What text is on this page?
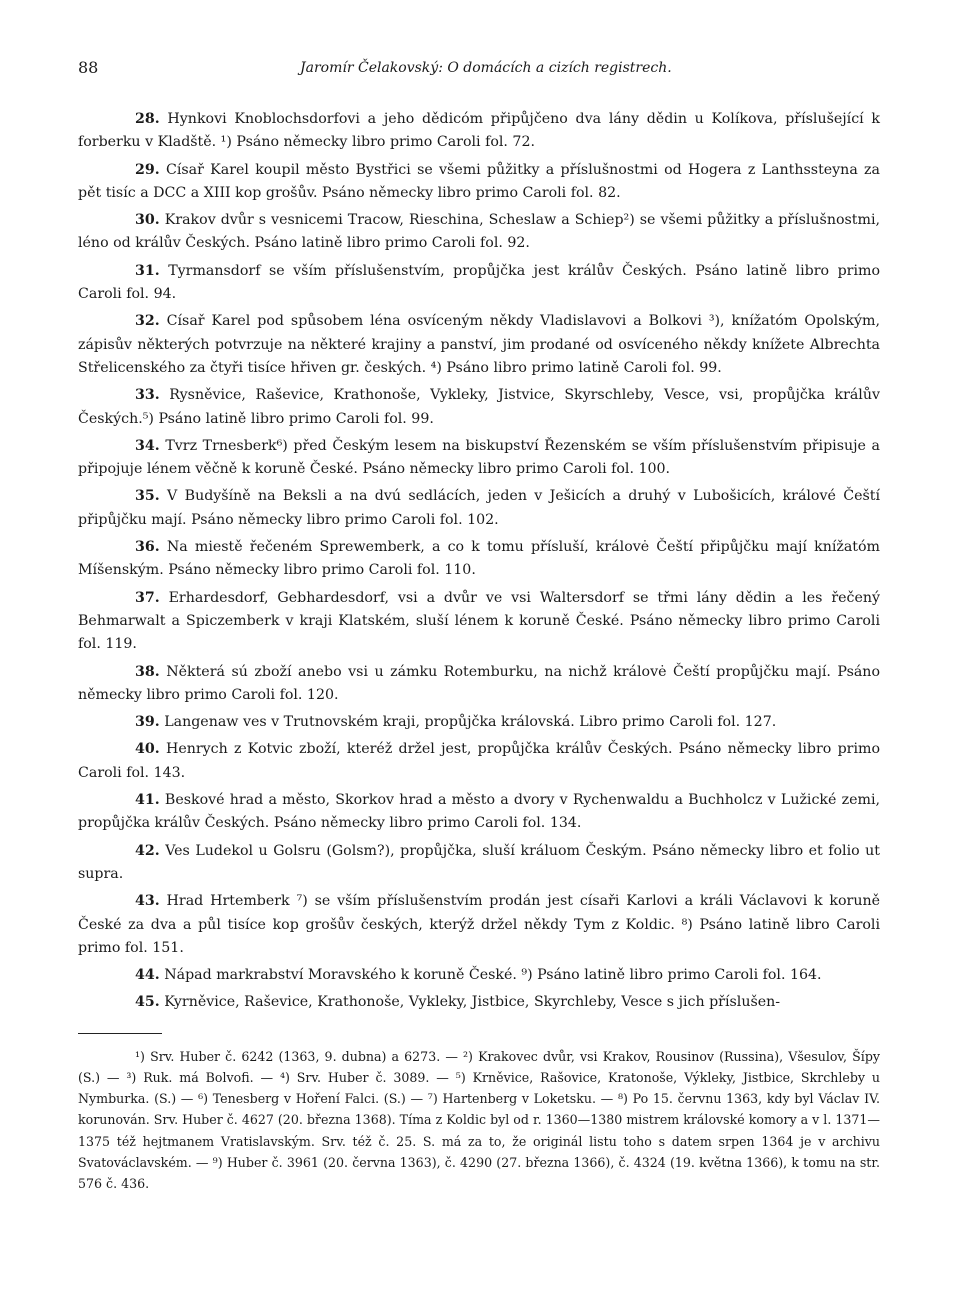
88	Jaromír Čelakovský: O domácích a cizích registrech.

28. Hynkovi Knoblochsdorfovi a jeho dědicóm připůjčeno dva lány dědin u Kolíkova, příslušející k forberku v Kladště. ¹) Psáno německy libro primo Caroli fol. 72.

29. Císař Karel koupil město Bystřici se všemi půžitky a příslušnostmi od Hogera z Lanthssteyna za pět tisíc a DCC a XIII kop grošův. Psáno německy libro primo Caroli fol. 82.

30. Krakov dvůr s vesnicemi Tracow, Rieschina, Scheslaw a Schiep²) se všemi půžitky a příslušnostmi, léno od králův Českých. Psáno latině libro primo Caroli fol. 92.

31. Tyrmansdorf se vším příslušenstvím, propůjčka jest králův Českých. Psáno latině libro primo Caroli fol. 94.

32. Císař Karel pod spůsobem léna osvíceným někdy Vladislavovi a Bolkovi ³), knížatóm Opolským, zápisův některých potvrzuje na některé krajiny a panství, jim prodané od osvíceného někdy knížete Albrechta Střelicenského za čtyři tisíce hřiven gr. českých. ⁴) Psáno libro primo latině Caroli fol. 99.

33. Rysněvice, Raševice, Krathonoše, Vykleky, Jistvice, Skyrschleby, Vesce, vsi, propůjčka králův Českých.⁵) Psáno latině libro primo Caroli fol. 99.

34. Tvrz Trnesberk⁶) před Českým lesem na biskupství Řezenském se vším příslušenstvím připisuje a připojuje lénem věčně k koruně České. Psáno německy libro primo Caroli fol. 100.

35. V Budyšíně na Beksli a na dvú sedlácích, jeden v Ješicích a druhý v Lubošicích, králové Čeští připůjčku mají. Psáno německy libro primo Caroli fol. 102.

36. Na miestě řečeném Sprewemberk, a co k tomu přísluší, královė Čeští připůjčku mají knížatóm Míšenským. Psáno německy libro primo Caroli fol. 110.

37. Erhardesdorf, Gebhardesdorf, vsi a dvůr ve vsi Waltersdorf se třmi lány dědin a les řečený Behmarwalt a Spiczemberk v kraji Klatském, sluší lénem k koruně České. Psáno německy libro primo Caroli fol. 119.

38. Některá sú zboží anebo vsi u zámku Rotemburku, na nichž královė Čeští propůjčku mají. Psáno německy libro primo Caroli fol. 120.

39. Langenaw ves v Trutnovském kraji, propůjčka královská. Libro primo Caroli fol. 127.

40. Henrych z Kotvic zboží, kteréž držel jest, propůjčka králův Českých. Psáno německy libro primo Caroli fol. 143.

41. Beskové hrad a město, Skorkov hrad a město a dvory v Rychenwaldu a Buchholcz v Lužické zemi, propůjčka králův Českých. Psáno německy libro primo Caroli fol. 134.

42. Ves Ludekol u Golsru (Golsm?), propůjčka, sluší králuom Českým. Psáno německy libro et folio ut supra.

43. Hrad Hrtemberk ⁷) se vším příslušenstvím prodán jest císaři Karlovi a králi Václavovi k koruně České za dva a půl tisíce kop grošův českých, kterýž držel někdy Tym z Koldic. ⁸) Psáno latině libro Caroli primo fol. 151.

44. Nápad markrabství Moravského k koruně České. ⁹) Psáno latině libro primo Caroli fol. 164.

45. Kyrněvice, Raševice, Krathonoše, Vykleky, Jistbice, Skyrchleby, Vesce s jich příslušen-

¹) Srv. Huber č. 6242 (1363, 9. dubna) a 6273. — ²) Krakovec dvůr, vsi Krakov, Rousinov (Russina), Všesulov, Šípy (S.) — ³) Ruk. má Bolvofi. — ⁴) Srv. Huber č. 3089. — ⁵) Krněvice, Rašovice, Kratonoše, Výkleky, Jistbice, Skrchleby u Nymburka. (S.) — ⁶) Tenesberg v Hoření Falci. (S.) — ⁷) Hartenberg v Loketsku. — ⁸) Po 15. červnu 1363, kdy byl Václav IV. korunován. Srv. Huber č. 4627 (20. března 1368). Tíma z Koldic byl od r. 1360—1380 mistrem královské komory a v l. 1371—1375 též hejtmanem Vratislavským. Srv. též č. 25. S. má za to, že originál listu toho s datem srpen 1364 je v archivu Svatováclavském. — ⁹) Huber č. 3961 (20. června 1363), č. 4290 (27. března 1366), č. 4324 (19. května 1366), k tomu na str. 576 č. 436.
